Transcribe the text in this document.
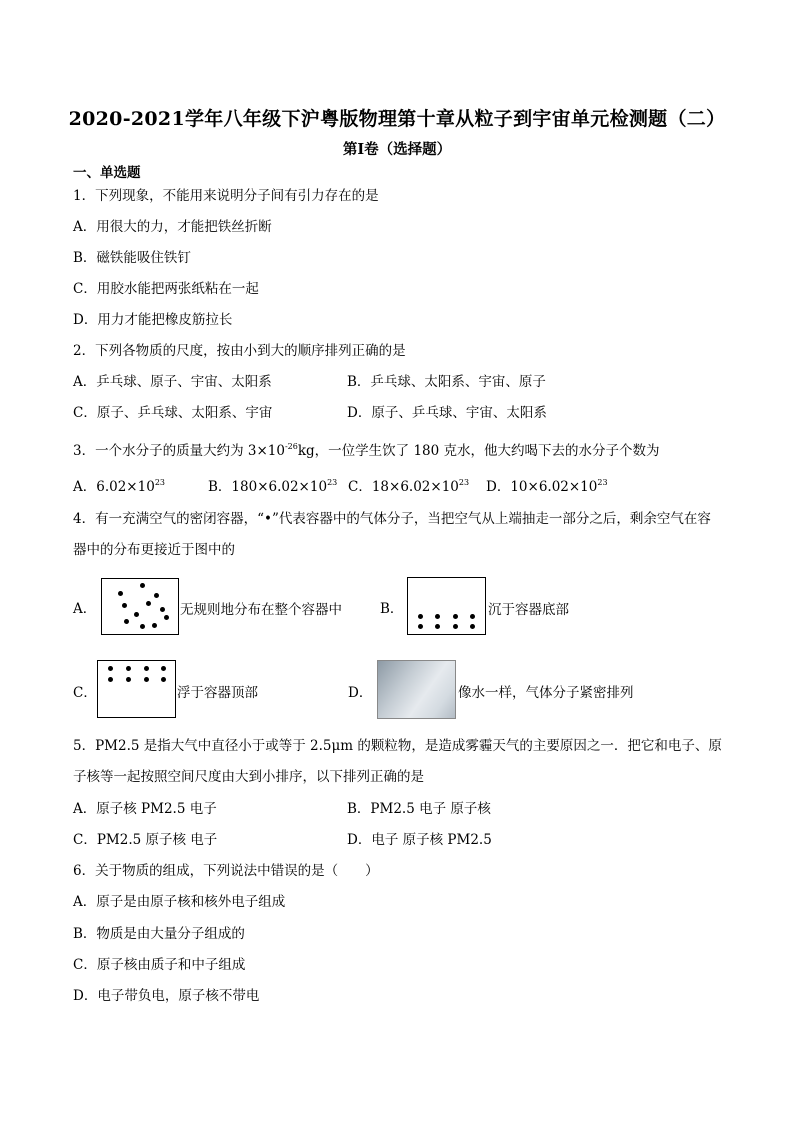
2020-2021学年八年级下沪粤版物理第十章从粒子到宇宙单元检测题（二）
第I卷（选择题）
一、单选题
1．下列现象，不能用来说明分子间有引力存在的是
A．用很大的力，才能把铁丝折断
B．磁铁能吸住铁钉
C．用胶水能把两张纸粘在一起
D．用力才能把橡皮筋拉长
2．下列各物质的尺度，按由小到大的顺序排列正确的是
A．乒乓球、原子、宇宙、太阳系	B．乒乓球、太阳系、宇宙、原子
C．原子、乒乓球、太阳系、宇宙	D．原子、乒乓球、宇宙、太阳系
3．一个水分子的质量大约为 $3\times 10^{-26}kg$，一位学生饮了 180 克水，他大约喝下去的水分子个数为
A．$6.02\times 10^{23}$	B．$180\times 6.02\times 10^{23}$ C．$18\times 6.02\times 10^{23}$ D．$10\times 6.02\times 10^{23}$
4．有一充满空气的密闭容器，“•”代表容器中的气体分子，当把空气从上端抽走一部分之后，剩余空气在容
器中的分布更接近于图中的
A．	无规则地分布在整个容器中	B．	沉于容器底部
C．	浮于容器顶部	D．	像水一样，气体分子紧密排列
5．PM2.5 是指大气中直径小于或等于 2.5μm 的颗粒物，是造成雾霾天气的主要原因之一．把它和电子、原
子核等一起按照空间尺度由大到小排序，以下排列正确的是
A．原子核 PM2.5 电子	B．PM2.5 电子 原子核
C．PM2.5 原子核 电子	D．电子 原子核 PM2.5
6．关于物质的组成，下列说法中错误的是（　　）
A．原子是由原子核和核外电子组成
B．物质是由大量分子组成的
C．原子核由质子和中子组成
D．电子带负电，原子核不带电
